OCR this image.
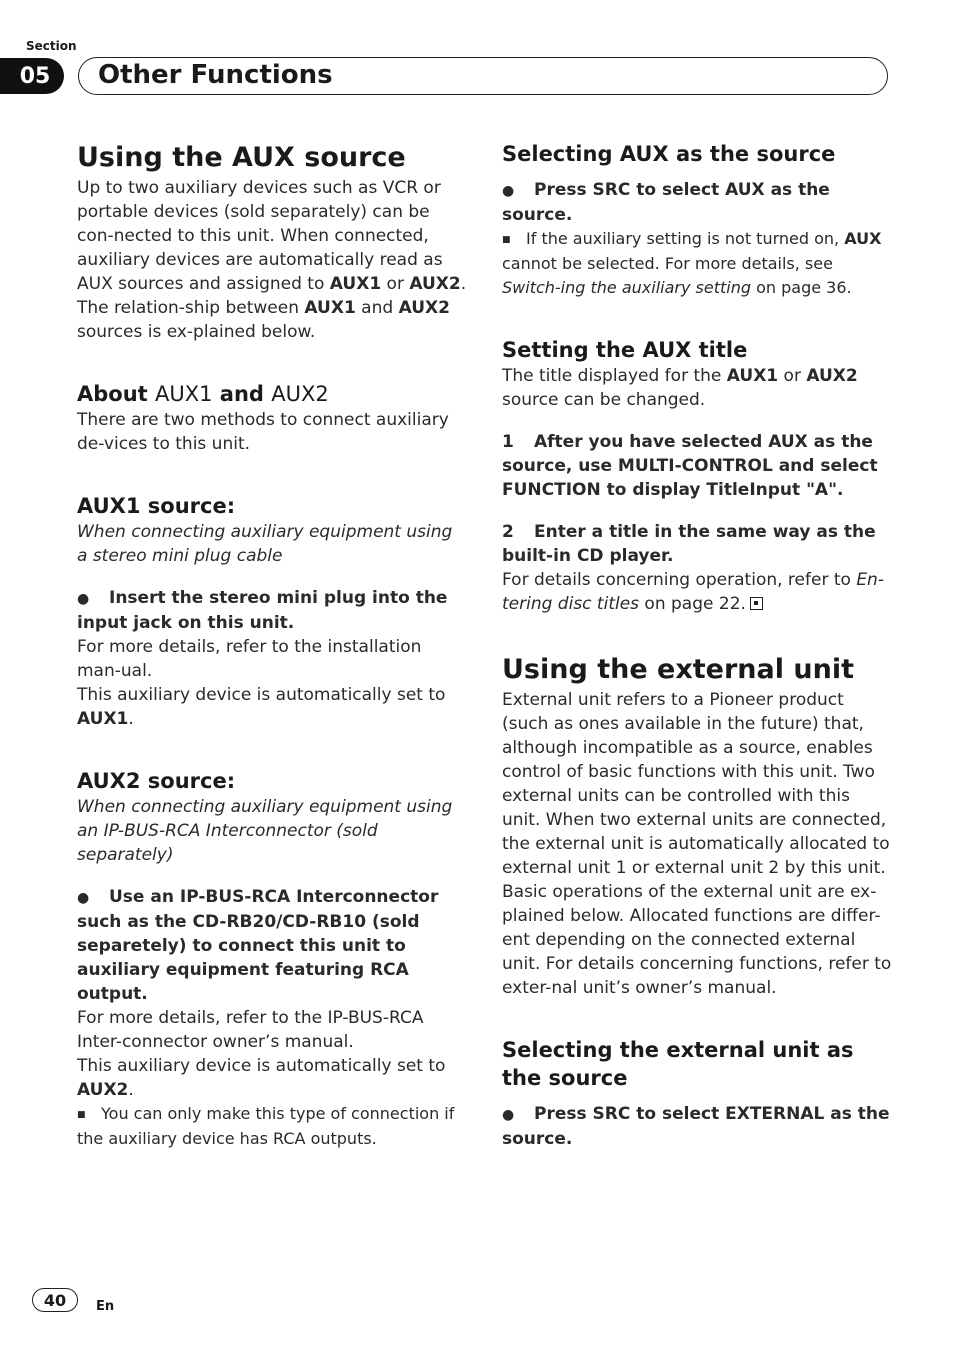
Section
05	Other Functions
Using the AUX source

Up to two auxiliary devices such as VCR or portable devices (sold separately) can be con-nected to this unit. When connected, auxiliary devices are automatically read as AUX sources and assigned to AUX1 or AUX2. The relation-ship between AUX1 and AUX2 sources is ex-plained below.

About AUX1 and AUX2

There are two methods to connect auxiliary de-vices to this unit.

AUX1 source:

When connecting auxiliary equipment using a stereo mini plug cable

● Insert the stereo mini plug into the input jack on this unit.

For more details, refer to the installation man-ual.

This auxiliary device is automatically set to AUX1.

AUX2 source:

When connecting auxiliary equipment using an IP-BUS-RCA Interconnector (sold separately)

● Use an IP-BUS-RCA Interconnector such as the CD-RB20/CD-RB10 (sold separetely) to connect this unit to auxiliary equipment featuring RCA output.

For more details, refer to the IP-BUS-RCA Inter-connector owner’s manual.

This auxiliary device is automatically set to AUX2.

■ You can only make this type of connection if the auxiliary device has RCA outputs.

Selecting AUX as the source

● Press SRC to select AUX as the source.

■ If the auxiliary setting is not turned on, AUX cannot be selected. For more details, see Switch-ing the auxiliary setting on page 36.

Setting the AUX title

The title displayed for the AUX1 or AUX2 source can be changed.

1 After you have selected AUX as the source, use MULTI-CONTROL and select FUNCTION to display TitleInput "A".

2 Enter a title in the same way as the built-in CD player.

For details concerning operation, refer to En-tering disc titles on page 22.

Using the external unit

External unit refers to a Pioneer product (such as ones available in the future) that, although incompatible as a source, enables control of basic functions with this unit. Two external units can be controlled with this unit. When two external units are connected, the external unit is automatically allocated to external unit 1 or external unit 2 by this unit.

Basic operations of the external unit are ex-plained below. Allocated functions are differ-ent depending on the connected external unit. For details concerning functions, refer to exter-nal unit’s owner’s manual.

Selecting the external unit as the source

● Press SRC to select EXTERNAL as the source.

40	En
